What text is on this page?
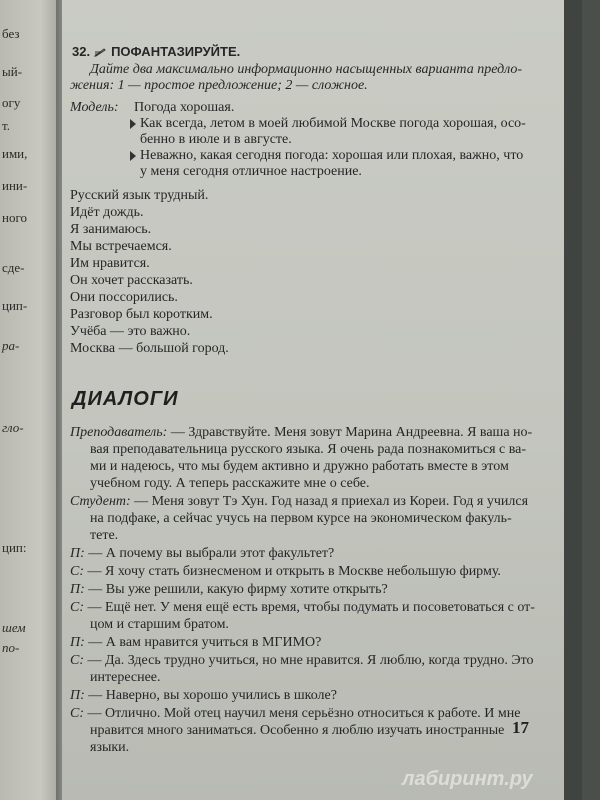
без
ый-
огу
т.
ими,
ини-
ного
сде-
цип-
ра-
гло-
цип:
шем
по-
32. ПОФАНТАЗИРУЙТЕ.
Дайте два максимально информационно насыщенных варианта предло-
жения: 1 — простое предложение; 2 — сложное.
Модель: Погода хорошая.
Как всегда, летом в моей любимой Москве погода хорошая, осо-
бенно в июле и в августе.
Неважно, какая сегодня погода: хорошая или плохая, важно, что
у меня сегодня отличное настроение.
Русский язык трудный.
Идёт дождь.
Я занимаюсь.
Мы встречаемся.
Им нравится.
Он хочет рассказать.
Они поссорились.
Разговор был коротким.
Учёба — это важно.
Москва — большой город.
ДИАЛОГИ
Преподаватель: — Здравствуйте. Меня зовут Марина Андреевна. Я ваша но-
вая преподавательница русского языка. Я очень рада познакомиться с ва-
ми и надеюсь, что мы будем активно и дружно работать вместе в этом
учебном году. А теперь расскажите мне о себе.
Студент: — Меня зовут Тэ Хун. Год назад я приехал из Кореи. Год я учился
на подфаке, а сейчас учусь на первом курсе на экономическом факуль-
тете.
П: — А почему вы выбрали этот факультет?
С: — Я хочу стать бизнесменом и открыть в Москве небольшую фирму.
П: — Вы уже решили, какую фирму хотите открыть?
С: — Ещё нет. У меня ещё есть время, чтобы подумать и посоветоваться с от-
цом и старшим братом.
П: — А вам нравится учиться в МГИМО?
С: — Да. Здесь трудно учиться, но мне нравится. Я люблю, когда трудно. Это
интереснее.
П: — Наверно, вы хорошо учились в школе?
С: — Отлично. Мой отец научил меня серьёзно относиться к работе. И мне
нравится много заниматься. Особенно я люблю изучать иностранные
языки.
17
лабиринт.ру
